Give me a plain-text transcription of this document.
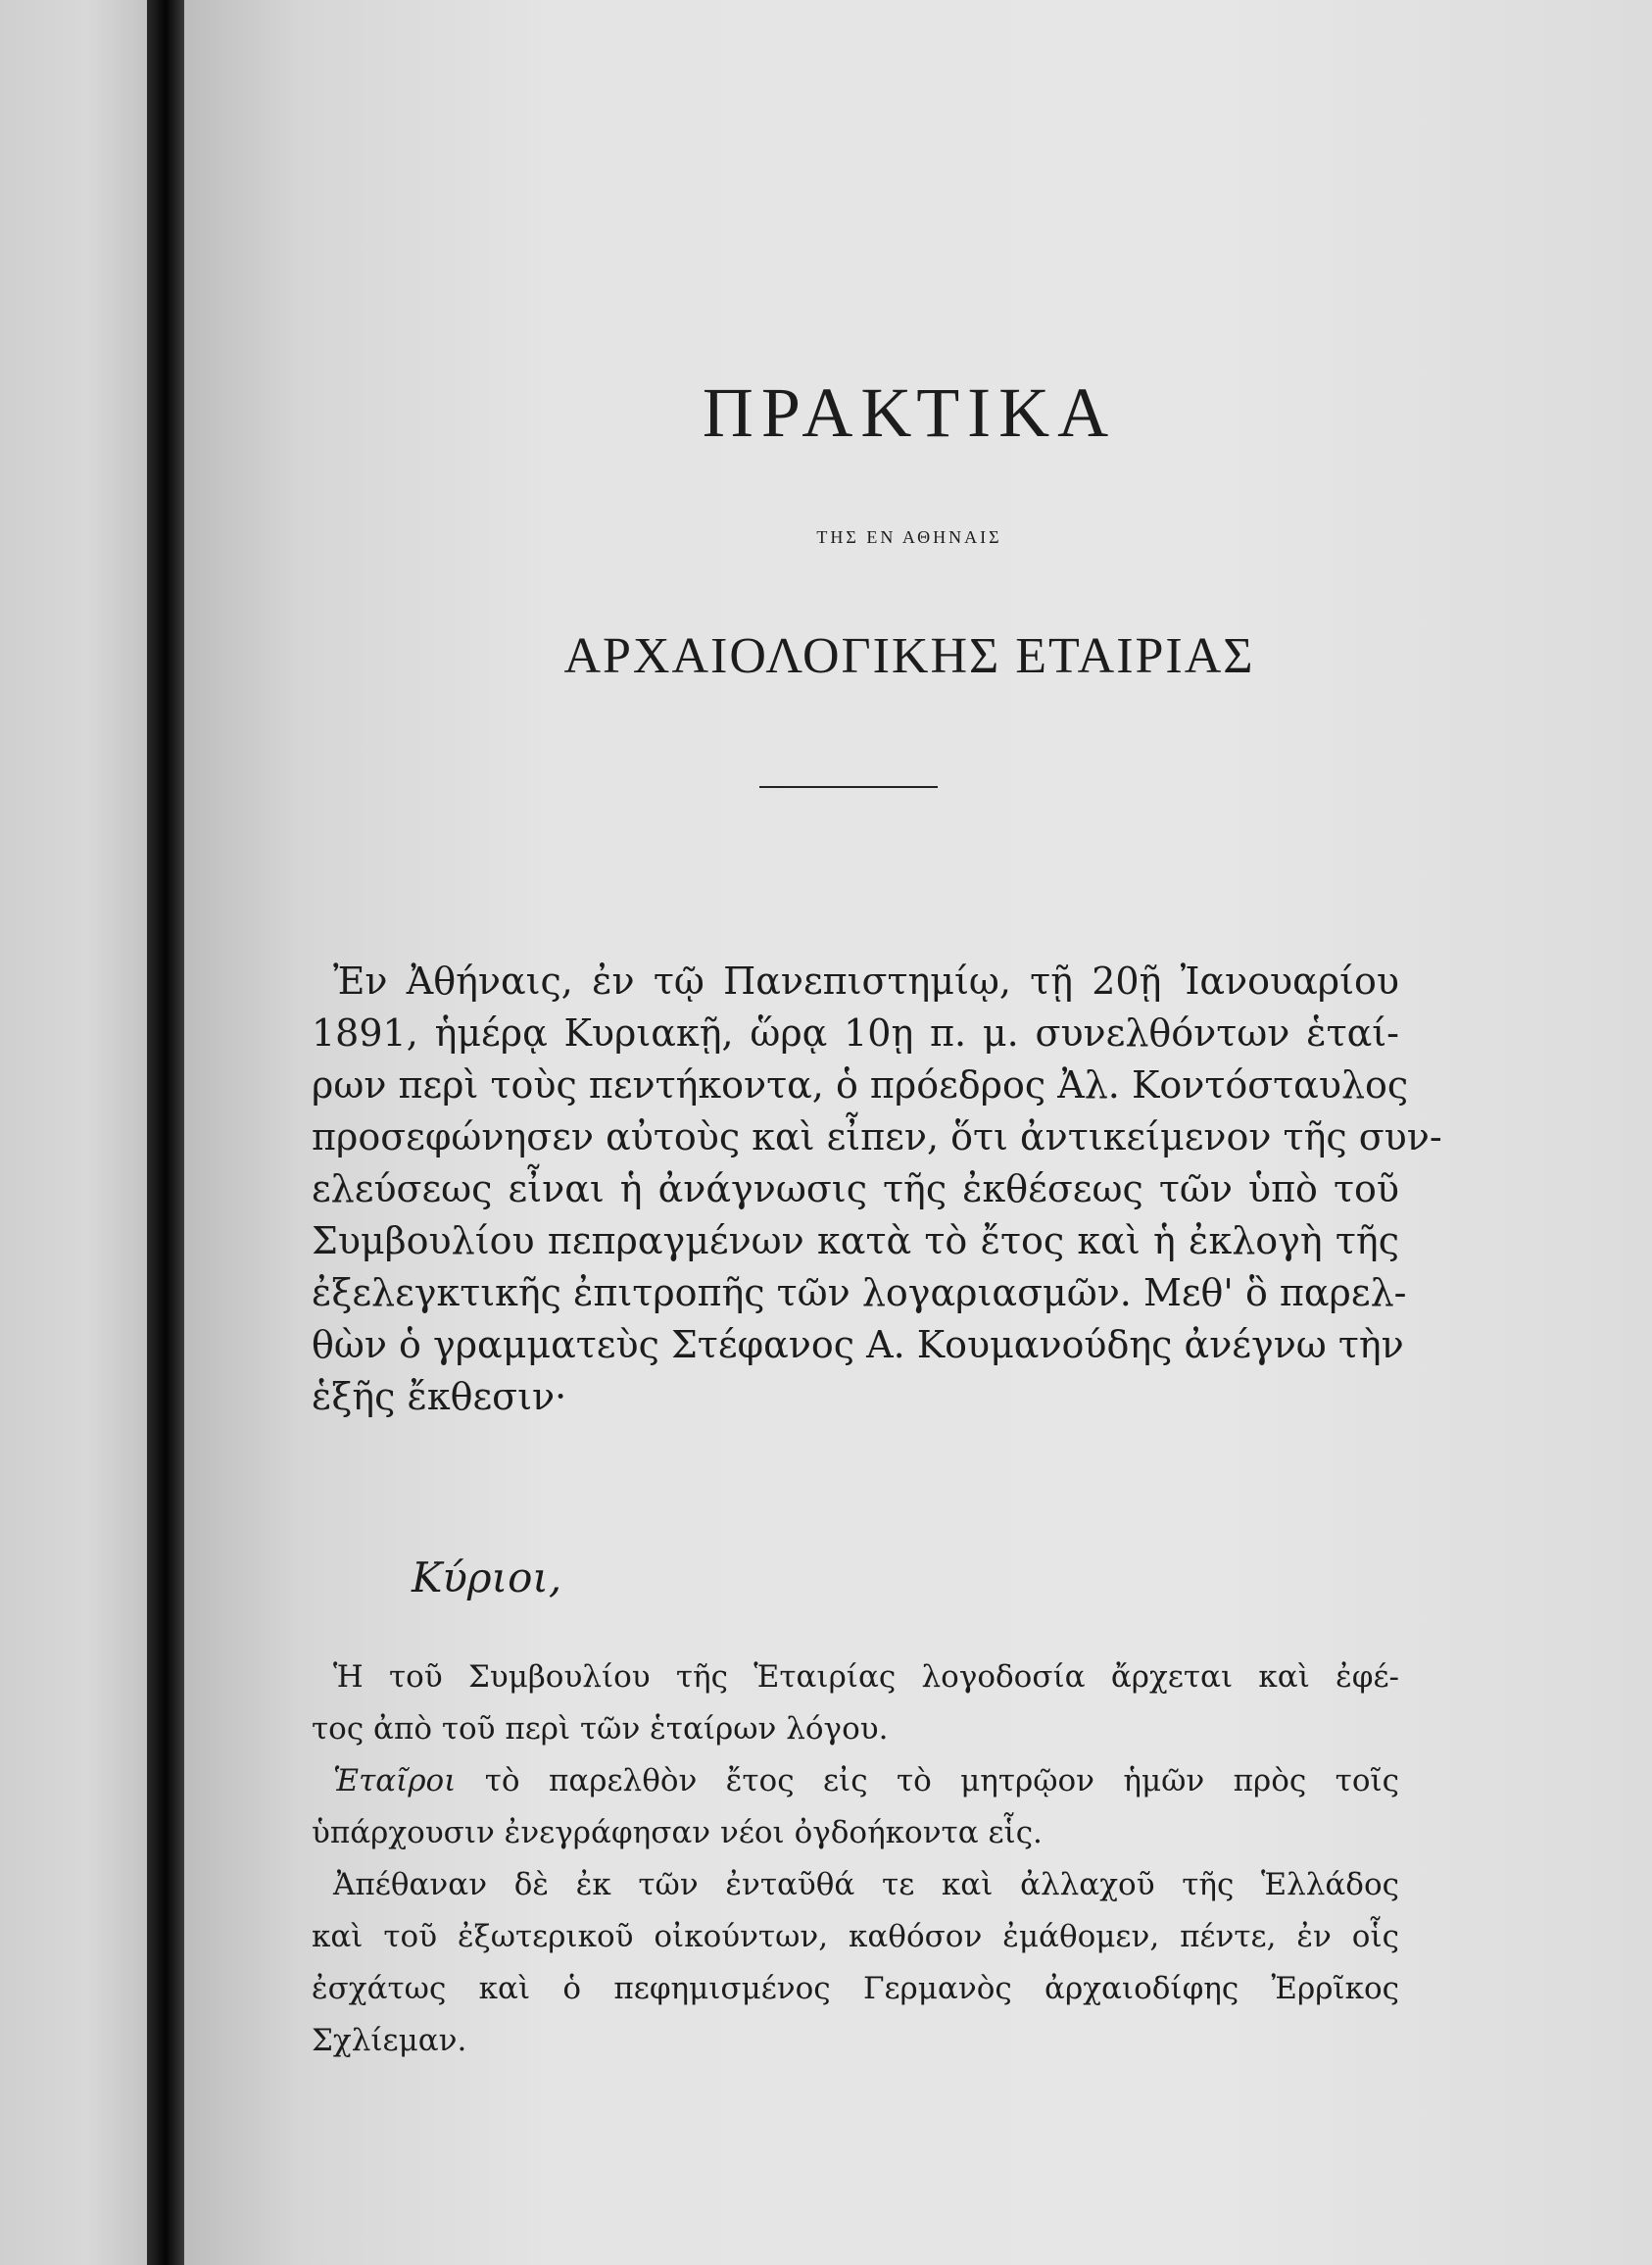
ΠΡΑΚΤΙΚΑ
ΤΗΣ ΕΝ ΑΘΗΝΑΙΣ
ΑΡΧΑΙΟΛΟΓΙΚΗΣ ΕΤΑΙΡΙΑΣ
Ἐν Ἀθήναις, ἐν τῷ Πανεπιστημίῳ, τῇ 20ῇ Ἰανουαρίου
1891, ἡμέρᾳ Κυριακῇ, ὥρᾳ 10ῃ π. μ. συνελθόντων ἑταί-
ρων περὶ τοὺς πεντήκοντα, ὁ πρόεδρος Ἀλ. Κοντόσταυλος
προσεφώνησεν αὐτοὺς καὶ εἶπεν, ὅτι ἀντικείμενον τῆς συν-
ελεύσεως εἶναι ἡ ἀνάγνωσις τῆς ἐκθέσεως τῶν ὑπὸ τοῦ
Συμβουλίου πεπραγμένων κατὰ τὸ ἔτος καὶ ἡ ἐκλογὴ τῆς
ἐξελεγκτικῆς ἐπιτροπῆς τῶν λογαριασμῶν. Μεθ' ὃ παρελ-
θὼν ὁ γραμματεὺς Στέφανος Α. Κουμανούδης ἀνέγνω τὴν
ἑξῆς ἔκθεσιν·
Κύριοι,
Ἡ τοῦ Συμβουλίου τῆς Ἑταιρίας λογοδοσία ἄρχεται καὶ ἐφέ-
τος ἀπὸ τοῦ περὶ τῶν ἑταίρων λόγου.
Ἑταῖροι τὸ παρελθὸν ἔτος εἰς τὸ μητρῷον ἡμῶν πρὸς τοῖς
ὑπάρχουσιν ἐνεγράφησαν νέοι ὀγδοήκοντα εἷς.
Ἀπέθαναν δὲ ἐκ τῶν ἐνταῦθά τε καὶ ἀλλαχοῦ τῆς Ἑλλάδος
καὶ τοῦ ἐξωτερικοῦ οἰκούντων, καθόσον ἐμάθομεν, πέντε, ἐν οἷς
ἐσχάτως καὶ ὁ πεφημισμένος Γερμανὸς ἀρχαιοδίφης Ἐρρῖκος
Σχλίεμαν.
